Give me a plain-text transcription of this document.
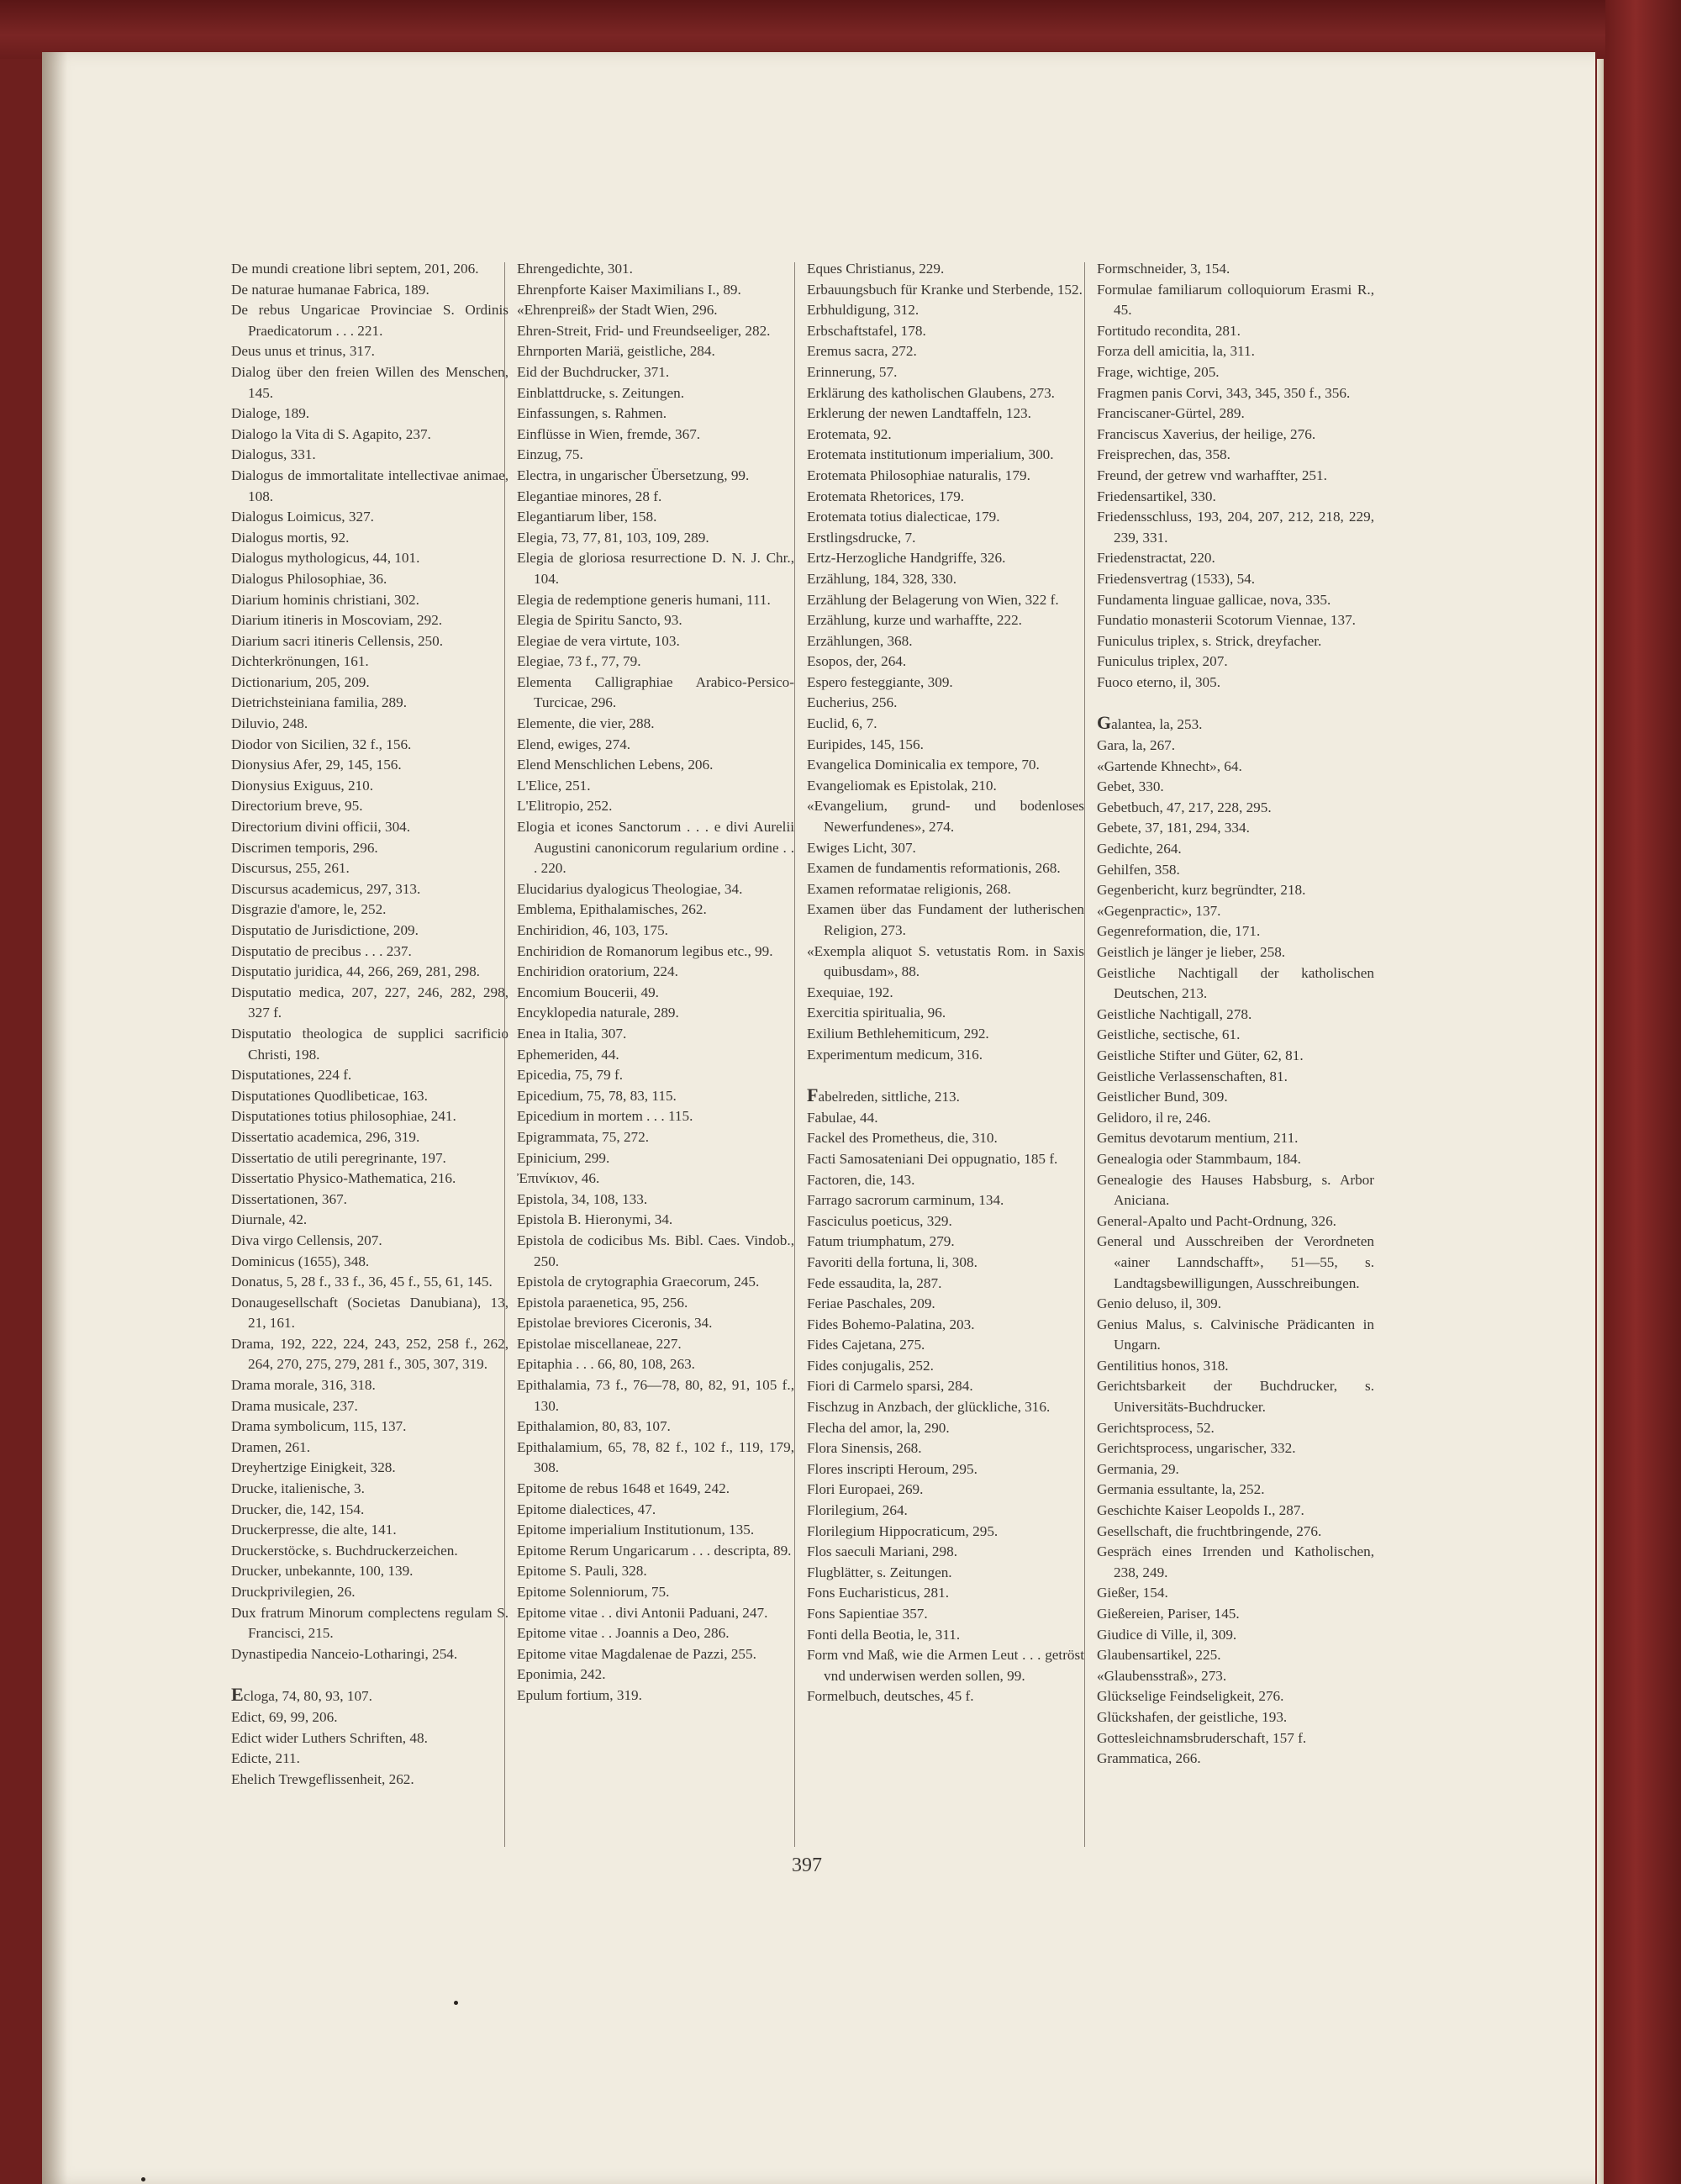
De mundi creatione libri septem, 201, 206.

De naturae humanae Fabrica, 189.

De rebus Ungaricae Provinciae S. Ordinis Praedicatorum . . . 221.

Deus unus et trinus, 317.

Dialog über den freien Willen des Menschen, 145.

Dialoge, 189.

Dialogo la Vita di S. Agapito, 237.

Dialogus, 331.

Dialogus de immortalitate intellectivae animae, 108.

Dialogus Loimicus, 327.

Dialogus mortis, 92.

Dialogus mythologicus, 44, 101.

Dialogus Philosophiae, 36.

Diarium hominis christiani, 302.

Diarium itineris in Moscoviam, 292.

Diarium sacri itineris Cellensis, 250.

Dichterkrönungen, 161.

Dictionarium, 205, 209.

Dietrichsteiniana familia, 289.

Diluvio, 248.

Diodor von Sicilien, 32 f., 156.

Dionysius Afer, 29, 145, 156.

Dionysius Exiguus, 210.

Directorium breve, 95.

Directorium divini officii, 304.

Discrimen temporis, 296.

Discursus, 255, 261.

Discursus academicus, 297, 313.

Disgrazie d'amore, le, 252.

Disputatio de Jurisdictione, 209.

Disputatio de precibus . . . 237.

Disputatio juridica, 44, 266, 269, 281, 298.

Disputatio medica, 207, 227, 246, 282, 298, 327 f.

Disputatio theologica de supplici sacrificio Christi, 198.

Disputationes, 224 f.

Disputationes Quodlibeticae, 163.

Disputationes totius philosophiae, 241.

Dissertatio academica, 296, 319.

Dissertatio de utili peregrinante, 197.

Dissertatio Physico-Mathematica, 216.

Dissertationen, 367.

Diurnale, 42.

Diva virgo Cellensis, 207.

Dominicus (1655), 348.

Donatus, 5, 28 f., 33 f., 36, 45 f., 55, 61, 145.

Donaugesellschaft (Societas Danubiana), 13, 21, 161.

Drama, 192, 222, 224, 243, 252, 258 f., 262, 264, 270, 275, 279, 281 f., 305, 307, 319.

Drama morale, 316, 318.

Drama musicale, 237.

Drama symbolicum, 115, 137.

Dramen, 261.

Dreyhertzige Einigkeit, 328.

Drucke, italienische, 3.

Drucker, die, 142, 154.

Druckerpresse, die alte, 141.

Druckerstöcke, s. Buchdruckerzeichen.

Drucker, unbekannte, 100, 139.

Druckprivilegien, 26.

Dux fratrum Minorum complectens regulam S. Francisci, 215.

Dynastipedia Nanceio-Lotharingi, 254.

Ecloga, 74, 80, 93, 107.

Edict, 69, 99, 206.

Edict wider Luthers Schriften, 48.

Edicte, 211.

Ehelich Trewgeflissenheit, 262.

Ehrengedichte, 301.

Ehrenpforte Kaiser Maximilians I., 89.

«Ehrenpreiß» der Stadt Wien, 296.

Ehren-Streit, Frid- und Freundseeliger, 282.

Ehrnporten Mariä, geistliche, 284.

Eid der Buchdrucker, 371.

Einblattdrucke, s. Zeitungen.

Einfassungen, s. Rahmen.

Einflüsse in Wien, fremde, 367.

Einzug, 75.

Electra, in ungarischer Übersetzung, 99.

Elegantiae minores, 28 f.

Elegantiarum liber, 158.

Elegia, 73, 77, 81, 103, 109, 289.

Elegia de gloriosa resurrectione D. N. J. Chr., 104.

Elegia de redemptione generis humani, 111.

Elegia de Spiritu Sancto, 93.

Elegiae de vera virtute, 103.

Elegiae, 73 f., 77, 79.

Elementa Calligraphiae Arabico-Persico-Turcicae, 296.

Elemente, die vier, 288.

Elend, ewiges, 274.

Elend Menschlichen Lebens, 206.

L'Elice, 251.

L'Elitropio, 252.

Elogia et icones Sanctorum . . . e divi Aurelii Augustini canonicorum regularium ordine . . . 220.

Elucidarius dyalogicus Theologiae, 34.

Emblema, Epithalamisches, 262.

Enchiridion, 46, 103, 175.

Enchiridion de Romanorum legibus etc., 99.

Enchiridion oratorium, 224.

Encomium Boucerii, 49.

Encyklopedia naturale, 289.

Enea in Italia, 307.

Ephemeriden, 44.

Epicedia, 75, 79 f.

Epicedium, 75, 78, 83, 115.

Epicedium in mortem . . . 115.

Epigrammata, 75, 272.

Epinicium, 299.

Ἐπινίκιον, 46.

Epistola, 34, 108, 133.

Epistola B. Hieronymi, 34.

Epistola de codicibus Ms. Bibl. Caes. Vindob., 250.

Epistola de crytographia Graecorum, 245.

Epistola paraenetica, 95, 256.

Epistolae breviores Ciceronis, 34.

Epistolae miscellaneae, 227.

Epitaphia . . . 66, 80, 108, 263.

Epithalamia, 73 f., 76—78, 80, 82, 91, 105 f., 130.

Epithalamion, 80, 83, 107.

Epithalamium, 65, 78, 82 f., 102 f., 119, 179, 308.

Epitome de rebus 1648 et 1649, 242.

Epitome dialectices, 47.

Epitome imperialium Institutionum, 135.

Epitome Rerum Ungaricarum . . . descripta, 89.

Epitome S. Pauli, 328.

Epitome Solenniorum, 75.

Epitome vitae . . divi Antonii Paduani, 247.

Epitome vitae . . Joannis a Deo, 286.

Epitome vitae Magdalenae de Pazzi, 255.

Eponimia, 242.

Epulum fortium, 319.

Eques Christianus, 229.

Erbauungsbuch für Kranke und Sterbende, 152.

Erbhuldigung, 312.

Erbschaftstafel, 178.

Eremus sacra, 272.

Erinnerung, 57.

Erklärung des katholischen Glaubens, 273.

Erklerung der newen Landtaffeln, 123.

Erotemata, 92.

Erotemata institutionum imperialium, 300.

Erotemata Philosophiae naturalis, 179.

Erotemata Rhetorices, 179.

Erotemata totius dialecticae, 179.

Erstlingsdrucke, 7.

Ertz-Herzogliche Handgriffe, 326.

Erzählung, 184, 328, 330.

Erzählung der Belagerung von Wien, 322 f.

Erzählung, kurze und warhaffte, 222.

Erzählungen, 368.

Esopos, der, 264.

Espero festeggiante, 309.

Eucherius, 256.

Euclid, 6, 7.

Euripides, 145, 156.

Evangelica Dominicalia ex tempore, 70.

Evangeliomak es Epistolak, 210.

«Evangelium, grund- und bodenloses Newerfundenes», 274.

Ewiges Licht, 307.

Examen de fundamentis reformationis, 268.

Examen reformatae religionis, 268.

Examen über das Fundament der lutherischen Religion, 273.

«Exempla aliquot S. vetustatis Rom. in Saxis quibusdam», 88.

Exequiae, 192.

Exercitia spiritualia, 96.

Exilium Bethlehemiticum, 292.

Experimentum medicum, 316.

Fabelreden, sittliche, 213.

Fabulae, 44.

Fackel des Prometheus, die, 310.

Facti Samosateniani Dei oppugnatio, 185 f.

Factoren, die, 143.

Farrago sacrorum carminum, 134.

Fasciculus poeticus, 329.

Fatum triumphatum, 279.

Favoriti della fortuna, li, 308.

Fede essaudita, la, 287.

Feriae Paschales, 209.

Fides Bohemo-Palatina, 203.

Fides Cajetana, 275.

Fides conjugalis, 252.

Fiori di Carmelo sparsi, 284.

Fischzug in Anzbach, der glückliche, 316.

Flecha del amor, la, 290.

Flora Sinensis, 268.

Flores inscripti Heroum, 295.

Flori Europaei, 269.

Florilegium, 264.

Florilegium Hippocraticum, 295.

Flos saeculi Mariani, 298.

Flugblätter, s. Zeitungen.

Fons Eucharisticus, 281.

Fons Sapientiae 357.

Fonti della Beotia, le, 311.

Form vnd Maß, wie die Armen Leut . . . getröst vnd underwisen werden sollen, 99.

Formelbuch, deutsches, 45 f.

Formschneider, 3, 154.

Formulae familiarum colloquiorum Erasmi R., 45.

Fortitudo recondita, 281.

Forza dell amicitia, la, 311.

Frage, wichtige, 205.

Fragmen panis Corvi, 343, 345, 350 f., 356.

Franciscaner-Gürtel, 289.

Franciscus Xaverius, der heilige, 276.

Freisprechen, das, 358.

Freund, der getrew vnd warhaffter, 251.

Friedensartikel, 330.

Friedensschluss, 193, 204, 207, 212, 218, 229, 239, 331.

Friedenstractat, 220.

Friedensvertrag (1533), 54.

Fundamenta linguae gallicae, nova, 335.

Fundatio monasterii Scotorum Viennae, 137.

Funiculus triplex, s. Strick, dreyfacher.

Funiculus triplex, 207.

Fuoco eterno, il, 305.

Galantea, la, 253.

Gara, la, 267.

«Gartende Khnecht», 64.

Gebet, 330.

Gebetbuch, 47, 217, 228, 295.

Gebete, 37, 181, 294, 334.

Gedichte, 264.

Gehilfen, 358.

Gegenbericht, kurz begründter, 218.

«Gegenpractic», 137.

Gegenreformation, die, 171.

Geistlich je länger je lieber, 258.

Geistliche Nachtigall der katholischen Deutschen, 213.

Geistliche Nachtigall, 278.

Geistliche, sectische, 61.

Geistliche Stifter und Güter, 62, 81.

Geistliche Verlassenschaften, 81.

Geistlicher Bund, 309.

Gelidoro, il re, 246.

Gemitus devotarum mentium, 211.

Genealogia oder Stammbaum, 184.

Genealogie des Hauses Habsburg, s. Arbor Aniciana.

General-Apalto und Pacht-Ordnung, 326.

General und Ausschreiben der Verordneten «ainer Lanndschafft», 51—55, s. Landtagsbewilligungen, Ausschreibungen.

Genio deluso, il, 309.

Genius Malus, s. Calvinische Prädicanten in Ungarn.

Gentilitius honos, 318.

Gerichtsbarkeit der Buchdrucker, s. Universitäts-Buchdrucker.

Gerichtsprocess, 52.

Gerichtsprocess, ungarischer, 332.

Germania, 29.

Germania essultante, la, 252.

Geschichte Kaiser Leopolds I., 287.

Gesellschaft, die fruchtbringende, 276.

Gespräch eines Irrenden und Katholischen, 238, 249.

Gießer, 154.

Gießereien, Pariser, 145.

Giudice di Ville, il, 309.

Glaubensartikel, 225.

«Glaubensstraß», 273.

Glückselige Feindseligkeit, 276.

Glückshafen, der geistliche, 193.

Gottesleichnamsbruderschaft, 157 f.

Grammatica, 266.

397
